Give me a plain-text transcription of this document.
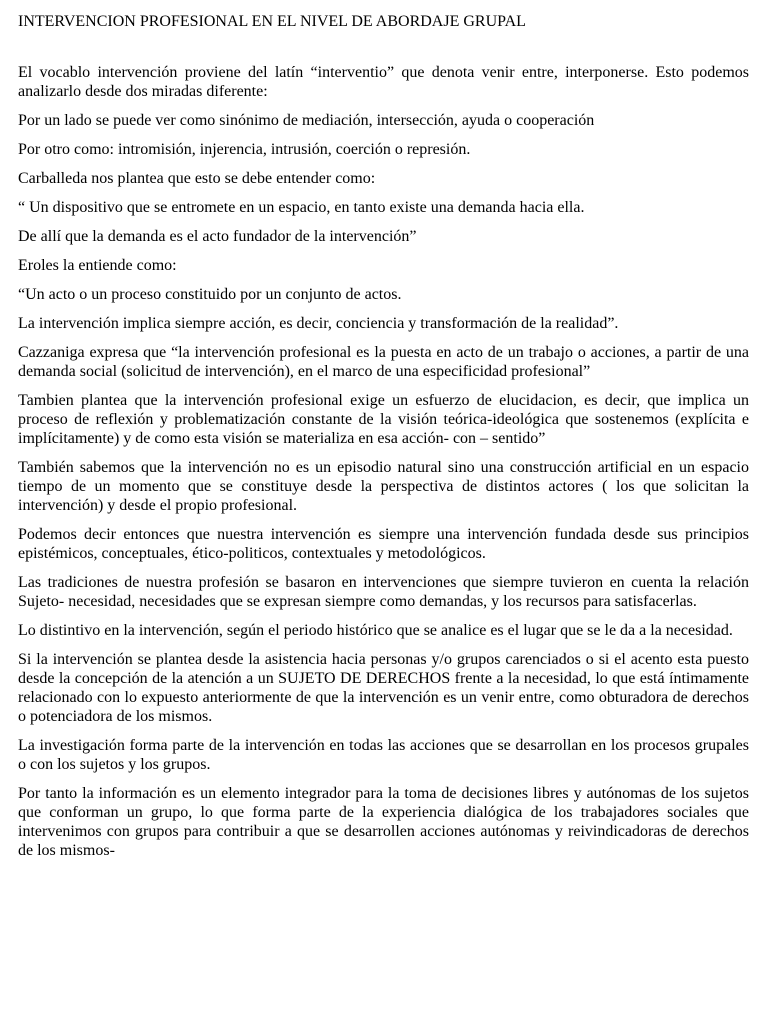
INTERVENCION PROFESIONAL EN EL NIVEL DE ABORDAJE GRUPAL

El vocablo intervención proviene del latín “interventio” que denota venir entre, interponerse. Esto podemos analizarlo desde dos miradas diferente:

Por un lado se puede ver como sinónimo de mediación, intersección, ayuda o cooperación

Por otro como: intromisión, injerencia, intrusión, coerción o represión.

Carballeda nos plantea que esto se debe entender como:

“ Un dispositivo que se entromete en un espacio, en tanto existe una demanda hacia ella.

De allí que la demanda es el acto fundador de la intervención”

Eroles la entiende como:

“Un acto o un proceso constituido por un conjunto de actos.

La intervención implica siempre acción, es decir, conciencia y transformación de la realidad”.

Cazzaniga expresa que “la intervención profesional es la puesta en acto de un trabajo o acciones, a partir de una demanda social (solicitud de intervención), en el marco de una especificidad profesional”

Tambien plantea que la intervención profesional exige un esfuerzo de elucidacion, es decir, que implica un proceso de reflexión y problematización constante de la visión teórica-ideológica que sostenemos (explícita e implícitamente) y de como esta visión se materializa en esa acción- con – sentido”

También sabemos que la intervención no es un episodio natural sino una construcción artificial en un espacio tiempo de un momento que se constituye desde la perspectiva de distintos actores ( los que solicitan la intervención) y desde el propio profesional.

Podemos decir entonces que nuestra intervención es siempre una intervención fundada desde sus principios epistémicos, conceptuales, ético-politicos, contextuales y metodológicos.

Las tradiciones de nuestra profesión se basaron en intervenciones que siempre tuvieron en cuenta la relación Sujeto- necesidad, necesidades que se expresan siempre como demandas, y los recursos para satisfacerlas.

Lo distintivo en la intervención, según el periodo histórico que se analice es el lugar que se le da a la necesidad.

Si la intervención se plantea desde la asistencia hacia personas y/o grupos carenciados o si el acento esta puesto desde la concepción de la atención a un SUJETO DE DERECHOS frente a la necesidad, lo que está íntimamente relacionado con lo expuesto anteriormente de que la intervención es un venir entre, como obturadora de derechos o potenciadora de los mismos.

La investigación forma parte de la intervención en todas las acciones que se desarrollan en los procesos grupales o con los sujetos y los grupos.

Por tanto la información es un elemento integrador para la toma de decisiones libres y autónomas de los sujetos que conforman un grupo, lo que forma parte de la experiencia dialógica de los trabajadores sociales que intervenimos con grupos para contribuir a que se desarrollen acciones autónomas y reivindicadoras de derechos de los mismos-
